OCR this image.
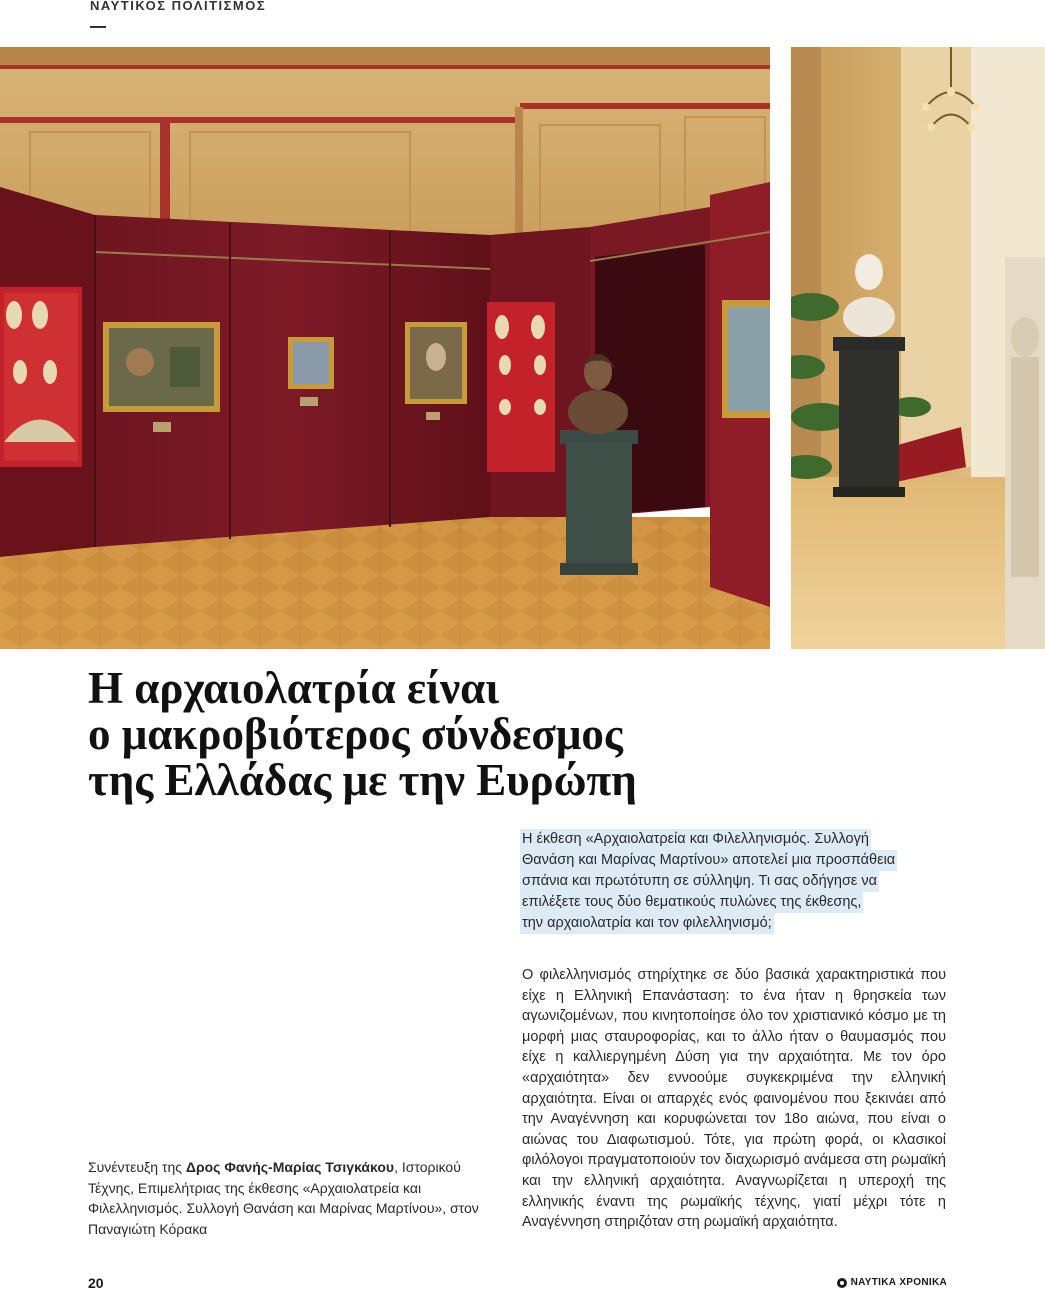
ΝΑΥΤΙΚΟΣ ΠΟΛΙΤΙΣΜΟΣ
Η αρχαιολατρία είναι
ο μακροβιότερος σύνδεσμος
της Ελλάδας με την Ευρώπη
Η έκθεση «Αρχαιολατρεία και Φιλελληνισμός. Συλλογή
Θανάση και Μαρίνας Μαρτίνου» αποτελεί μια προσπάθεια
σπάνια και πρωτότυπη σε σύλληψη. Τι σας οδήγησε να
επιλέξετε τους δύο θεματικούς πυλώνες της έκθεσης,
την αρχαιολατρία και τον φιλελληνισμό;

Ο φιλελληνισμός στηρίχτηκε σε δύο βασικά χαρακτηριστικά που είχε η Ελληνική Επανάσταση: το ένα ήταν η θρησκεία των αγωνιζομένων, που κινητοποίησε όλο τον χριστιανικό κόσμο με τη μορφή μιας σταυροφορίας, και το άλλο ήταν ο θαυμασμός που είχε η καλλιεργημένη Δύση για την αρχαιότητα. Με τον όρο «αρχαιότητα» δεν εννοούμε συγκεκριμένα την ελληνική αρχαιότητα. Είναι οι απαρχές ενός φαινομένου που ξεκινάει από την Αναγέννηση και κορυφώνεται τον 18ο αιώνα, που είναι ο αιώνας του Διαφωτισμού. Τότε, για πρώτη φορά, οι κλασικοί φιλόλογοι πραγματοποιούν τον διαχωρισμό ανάμεσα στη ρωμαϊκή και την ελληνική αρχαιότητα. Αναγνωρίζεται η υπεροχή της ελληνικής έναντι της ρωμαϊκής τέχνης, γιατί μέχρι τότε η Αναγέννηση στηριζόταν στη ρωμαϊκή αρχαιότητα.

Συνέντευξη της Δρος Φανής-Μαρίας Τσιγκάκου, Ιστορικού Τέχνης, Επιμελήτριας της έκθεσης «Αρχαιολατρεία και Φιλελληνισμός. Συλλογή Θανάση και Μαρίνας Μαρτίνου», στον Παναγιώτη Κόρακα

20	ΝΑΥΤΙΚΑ ΧΡΟΝΙΚΑ
